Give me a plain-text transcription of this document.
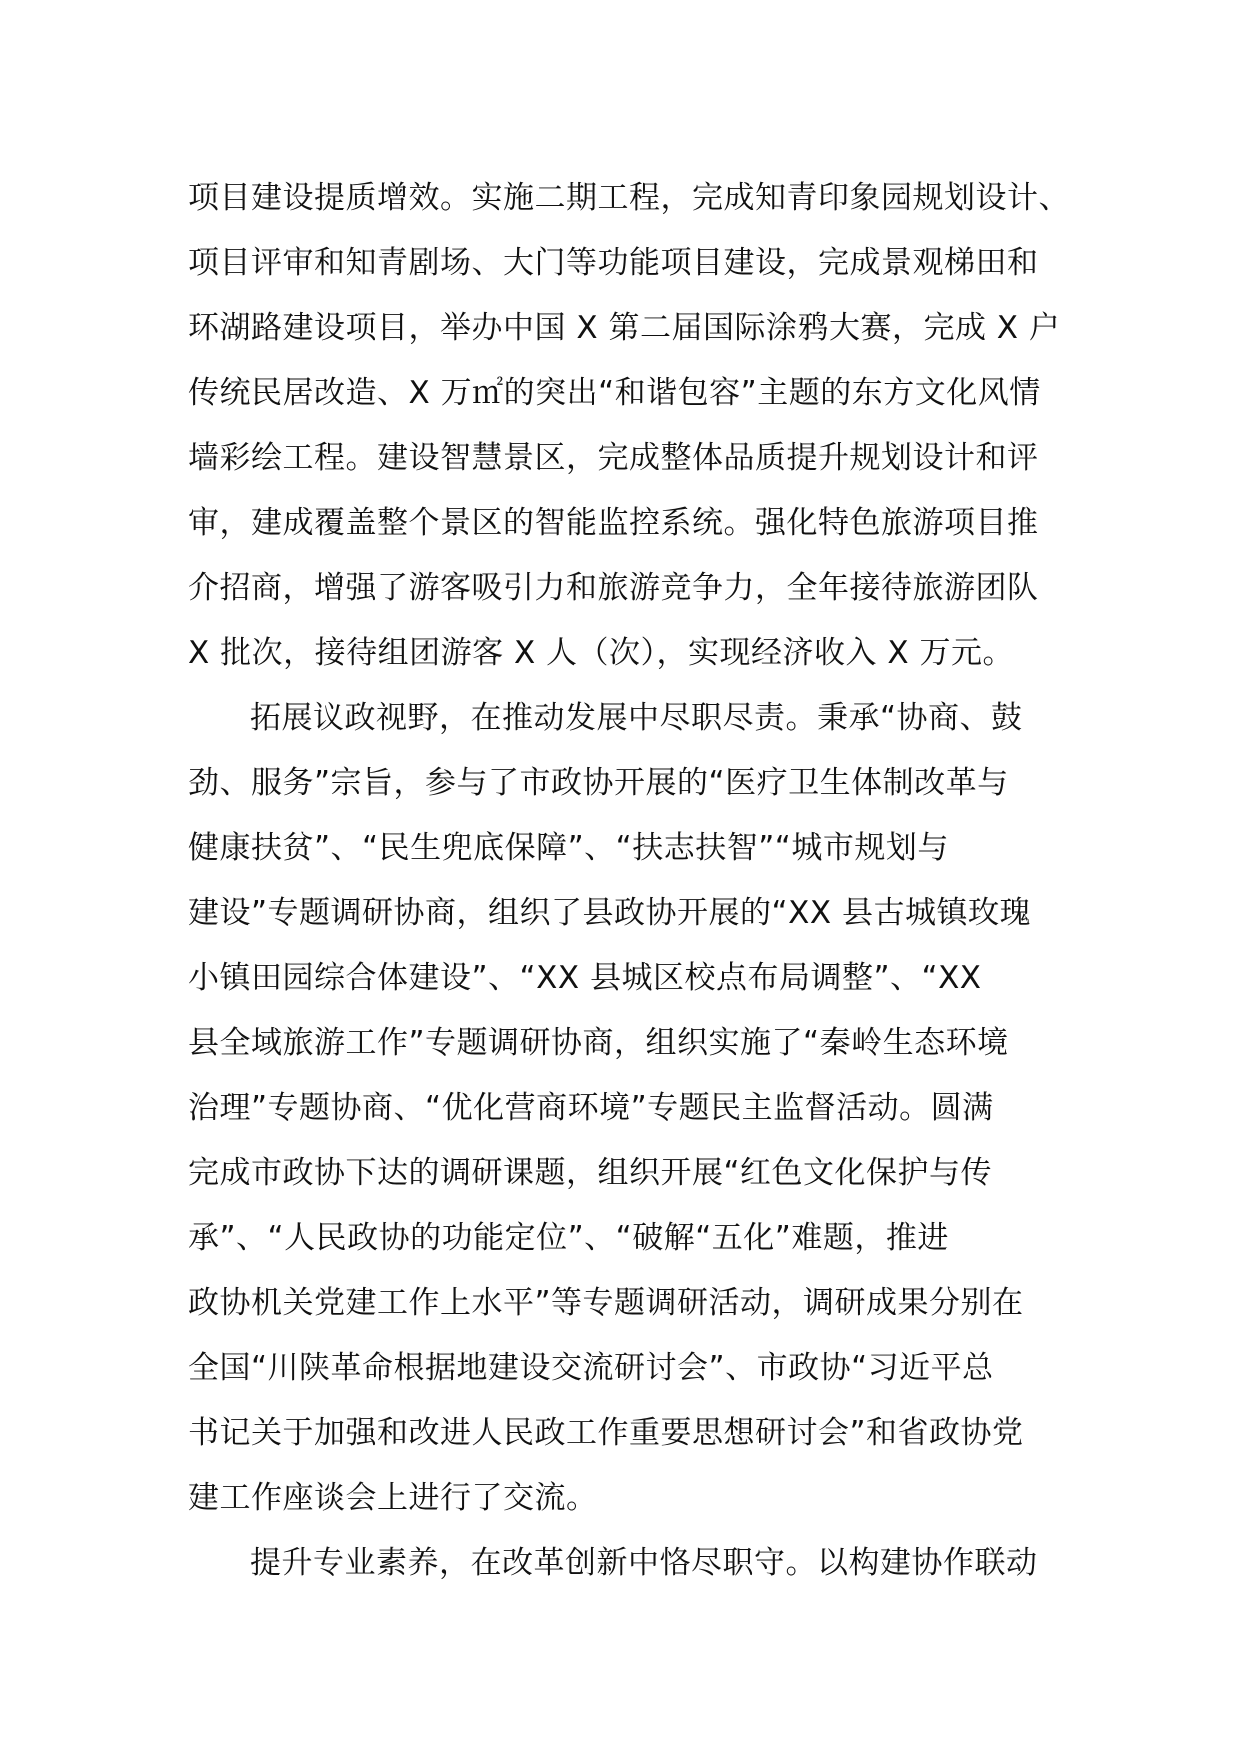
项目建设提质增效。实施二期工程，完成知青印象园规划设计、
项目评审和知青剧场、大门等功能项目建设，完成景观梯田和
环湖路建设项目，举办中国 X 第二届国际涂鸦大赛，完成 X 户
传统民居改造、X 万㎡的突出“和谐包容”主题的东方文化风情
墙彩绘工程。建设智慧景区，完成整体品质提升规划设计和评
审，建成覆盖整个景区的智能监控系统。强化特色旅游项目推
介招商，增强了游客吸引力和旅游竞争力，全年接待旅游团队
X 批次，接待组团游客 X 人（次），实现经济收入 X 万元。
拓展议政视野，在推动发展中尽职尽责。秉承“协商、鼓
劲、服务”宗旨，参与了市政协开展的“医疗卫生体制改革与
健康扶贫”、“民生兜底保障”、“扶志扶智”“城市规划与
建设”专题调研协商，组织了县政协开展的“XX 县古城镇玫瑰
小镇田园综合体建设”、“XX 县城区校点布局调整”、“XX
县全域旅游工作”专题调研协商，组织实施了“秦岭生态环境
治理”专题协商、“优化营商环境”专题民主监督活动。圆满
完成市政协下达的调研课题，组织开展“红色文化保护与传
承”、“人民政协的功能定位”、“破解“五化”难题，推进
政协机关党建工作上水平”等专题调研活动，调研成果分别在
全国“川陕革命根据地建设交流研讨会”、市政协“习近平总
书记关于加强和改进人民政工作重要思想研讨会”和省政协党
建工作座谈会上进行了交流。
提升专业素养，在改革创新中恪尽职守。以构建协作联动
